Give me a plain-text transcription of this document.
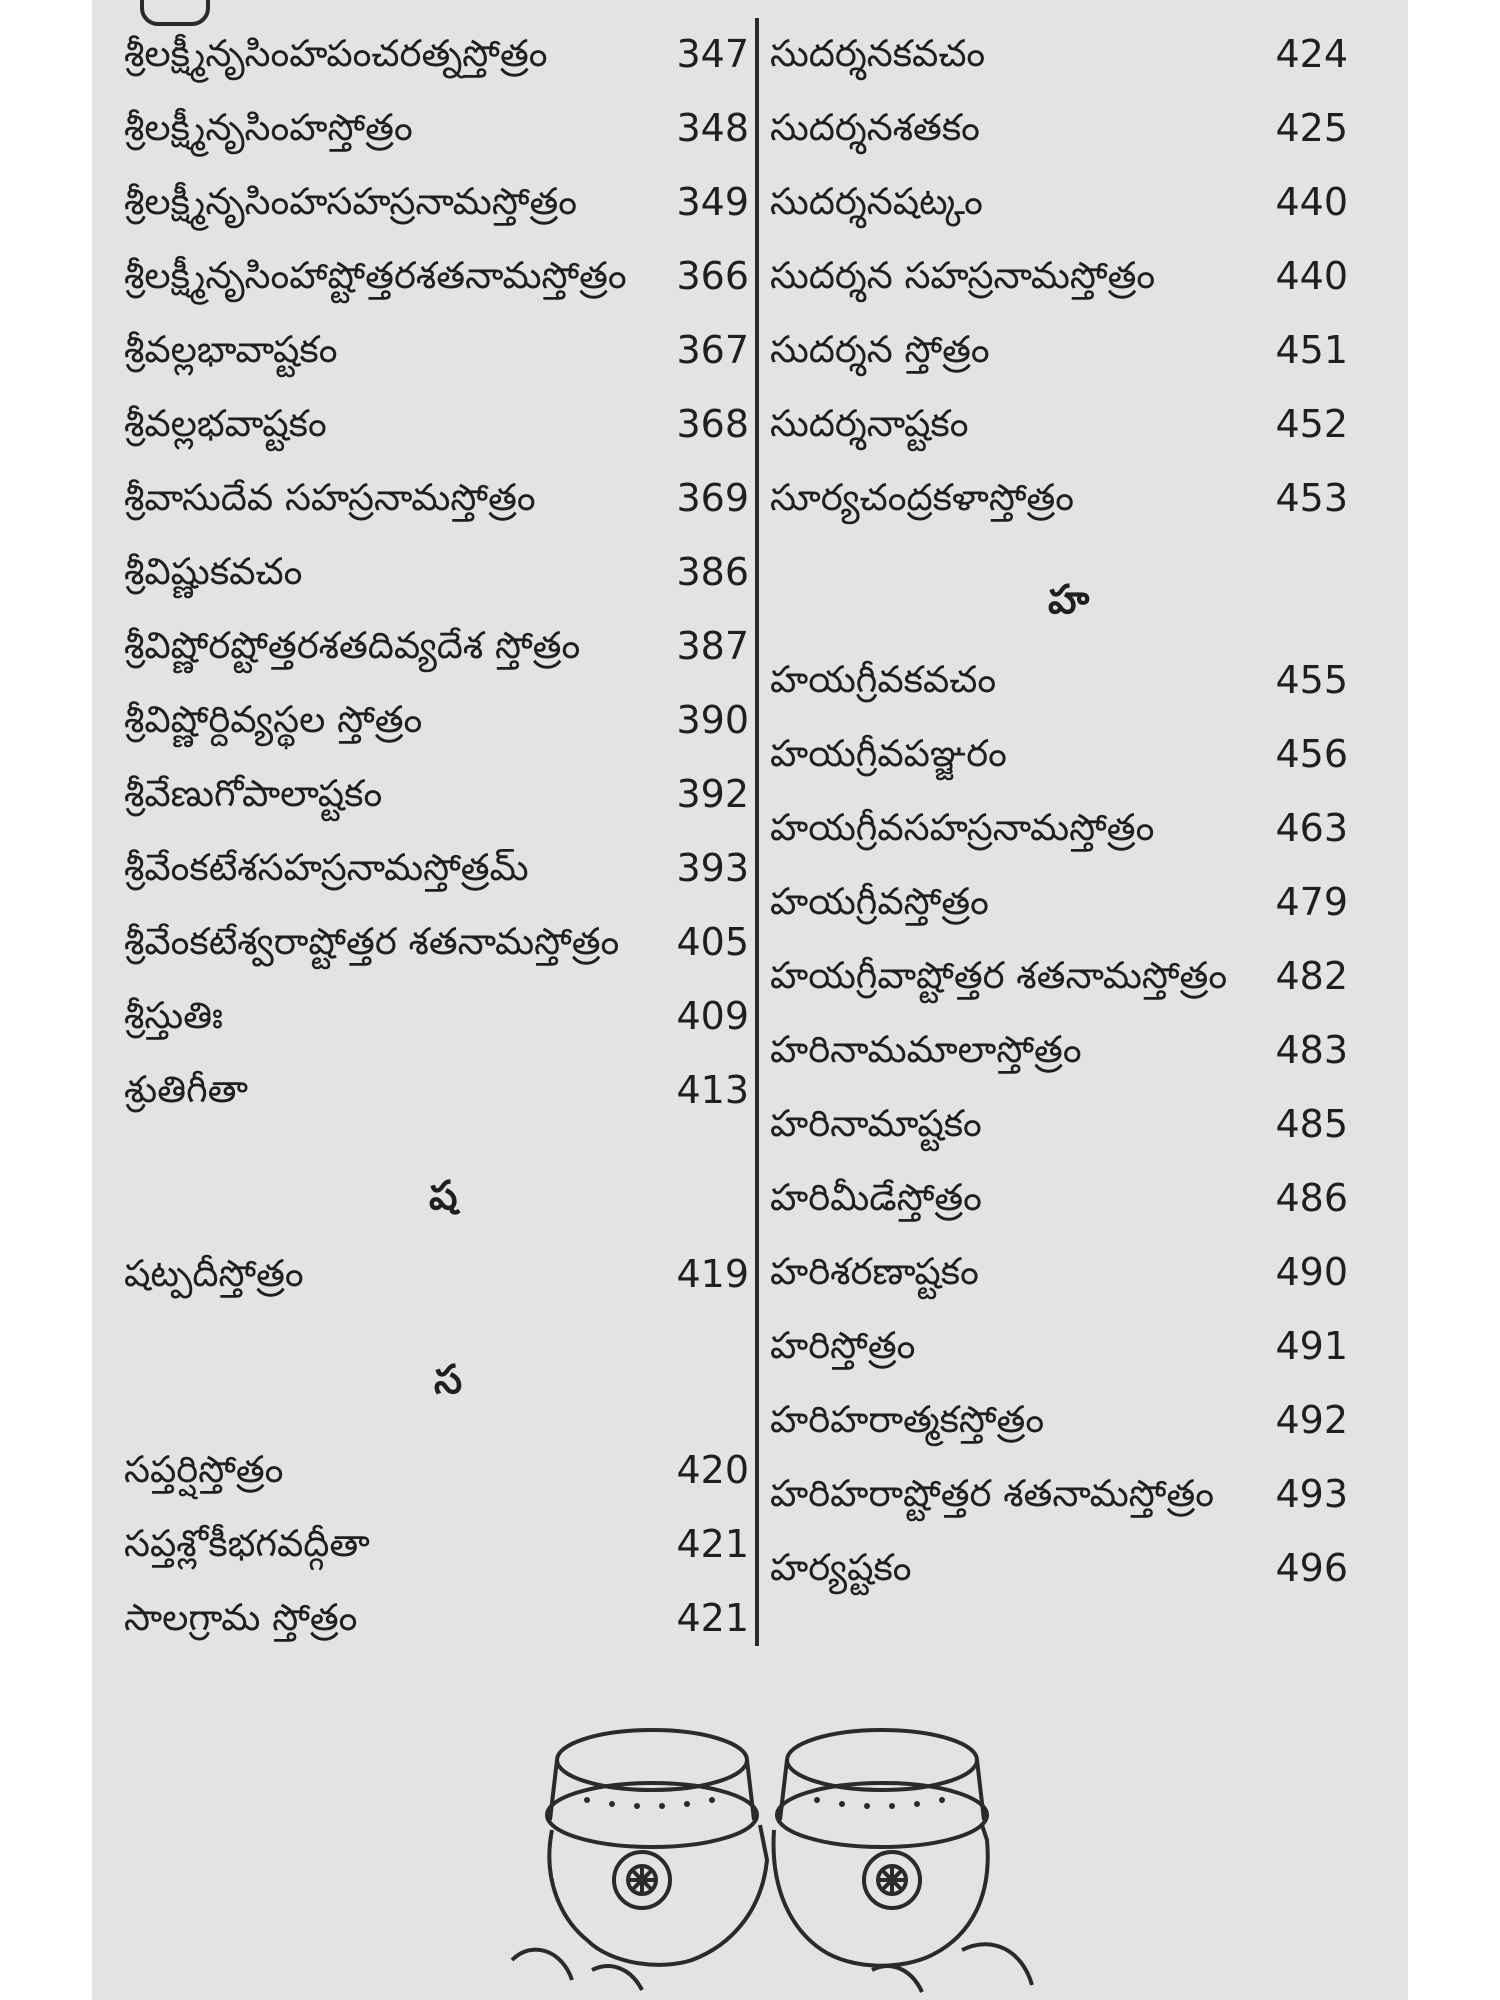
శ్రీలక్ష్మీనృసింహపంచరత్నస్తోత్రం	347
శ్రీలక్ష్మీనృసింహస్తోత్రం	348
శ్రీలక్ష్మీనృసింహసహస్రనామస్తోత్రం	349
శ్రీలక్ష్మీనృసింహాష్టోత్తరశతనామస్తోత్రం 366
శ్రీవల్లభావాష్టకం	367
శ్రీవల్లభవాష్టకం	368
శ్రీవాసుదేవ సహస్రనామస్తోత్రం	369
శ్రీవిష్ణుకవచం	386
శ్రీవిష్ణోరష్టోత్తరశతదివ్యదేశ స్తోత్రం	387
శ్రీవిష్ణోర్దివ్యస్థల స్తోత్రం	390
శ్రీవేణుగోపాలాష్టకం	392
శ్రీవేంకటేశసహస్రనామస్తోత్రమ్	393
శ్రీవేంకటేశ్వరాష్టోత్తర శతనామస్తోత్రం 405
శ్రీస్తుతిః	409
శ్రుతిగీతా	413
ష
షట్పదీస్తోత్రం	419
స
సప్తర్షిస్తోత్రం	420
సప్తశ్లోకీభగవద్గీతా	421
సాలగ్రామ స్తోత్రం	421
సుదర్శనకవచం	424
సుదర్శనశతకం	425
సుదర్శనషట్కం	440
సుదర్శన సహస్రనామస్తోత్రం	440
సుదర్శన స్తోత్రం	451
సుదర్శనాష్టకం	452
సూర్యచంద్రకళాస్తోత్రం	453
హ
హయగ్రీవకవచం	455
హయగ్రీవపఞ్జరం	456
హయగ్రీవసహస్రనామస్తోత్రం	463
హయగ్రీవస్తోత్రం	479
హయగ్రీవాష్టోత్తర శతనామస్తోత్రం 482
హరినామమాలాస్తోత్రం	483
హరినామాష్టకం	485
హరిమీడేస్తోత్రం	486
హరిశరణాష్టకం	490
హరిస్తోత్రం	491
హరిహరాత్మకస్తోత్రం	492
హరిహరాష్టోత్తర శతనామస్తోత్రం 493
హర్యష్టకం	496
